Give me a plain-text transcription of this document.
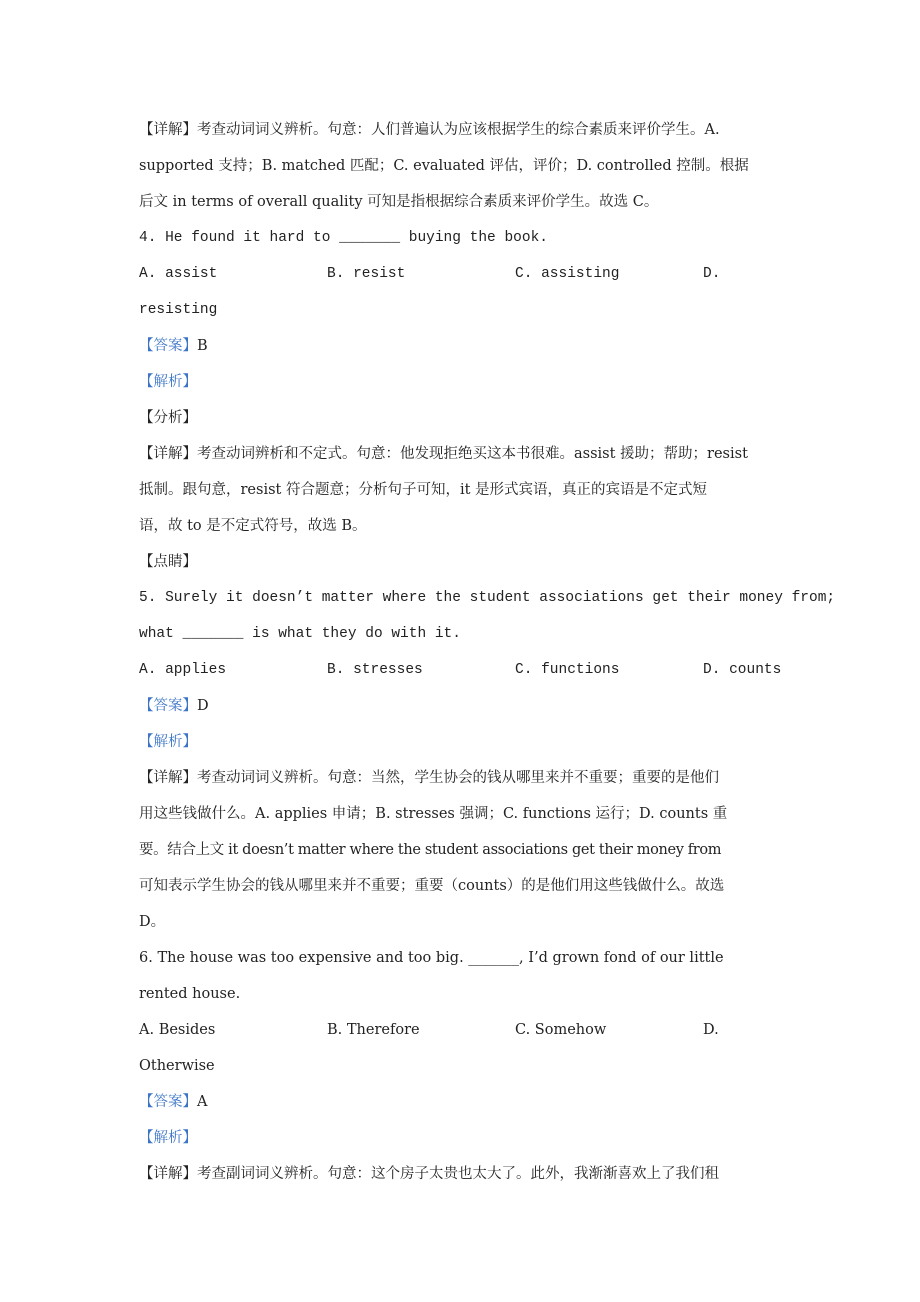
【详解】考查动词词义辨析。句意：人们普遍认为应该根据学生的综合素质来评价学生。A.
supported 支持；B. matched 匹配；C. evaluated 评估，评价；D. controlled 控制。根据
后文 in terms of overall quality 可知是指根据综合素质来评价学生。故选 C。
4. He found it hard to _______ buying the book.
A. assist	B. resist	C. assisting	D.
resisting
【答案】B
【解析】
【分析】
【详解】考查动词辨析和不定式。句意：他发现拒绝买这本书很难。assist 援助；帮助；resist
抵制。跟句意，resist 符合题意；分析句子可知，it 是形式宾语，真正的宾语是不定式短
语，故 to 是不定式符号，故选 B。
【点睛】
5. Surely it doesn’t matter where the student associations get their money from;
what _______ is what they do with it.
A. applies	B. stresses	C. functions	D. counts
【答案】D
【解析】
【详解】考查动词词义辨析。句意：当然，学生协会的钱从哪里来并不重要；重要的是他们
用这些钱做什么。A. applies 申请；B. stresses 强调；C. functions 运行；D. counts 重
要。结合上文 it doesn’t matter where the student associations get their money from
可知表示学生协会的钱从哪里来并不重要；重要（counts）的是他们用这些钱做什么。故选
D。
6. The house was too expensive and too big. _______, I’d grown fond of our little
rented house.
A. Besides	B. Therefore	C. Somehow	D.
Otherwise
【答案】A
【解析】
【详解】考查副词词义辨析。句意：这个房子太贵也太大了。此外，我渐渐喜欢上了我们租
